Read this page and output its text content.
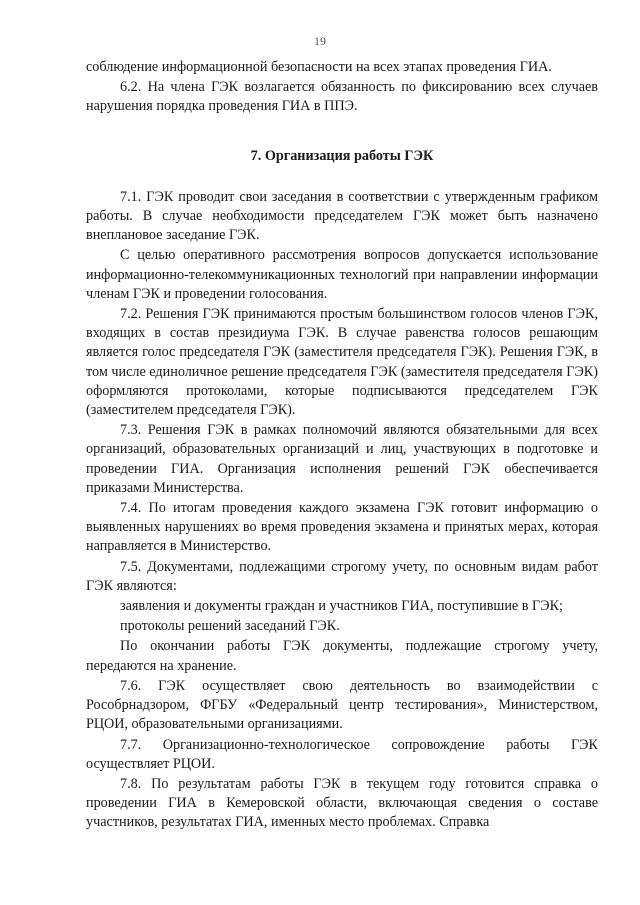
19

соблюдение информационной безопасности на всех этапах проведения ГИА.

6.2. На члена ГЭК возлагается обязанность по фиксированию всех случаев нарушения порядка проведения ГИА в ППЭ.

7. Организация работы ГЭК

7.1. ГЭК проводит свои заседания в соответствии с утвержденным графиком работы. В случае необходимости председателем ГЭК может быть назначено внеплановое заседание ГЭК.

С целью оперативного рассмотрения вопросов допускается использование информационно-телекоммуникационных технологий при направлении информации членам ГЭК и проведении голосования.

7.2. Решения ГЭК принимаются простым большинством голосов членов ГЭК, входящих в состав президиума ГЭК. В случае равенства голосов решающим является голос председателя ГЭК (заместителя председателя ГЭК). Решения ГЭК, в том числе единоличное решение председателя ГЭК (заместителя председателя ГЭК) оформляются протоколами, которые подписываются председателем ГЭК (заместителем председателя ГЭК).

7.3. Решения ГЭК в рамках полномочий являются обязательными для всех организаций, образовательных организаций и лиц, участвующих в подготовке и проведении ГИА. Организация исполнения решений ГЭК обеспечивается приказами Министерства.

7.4. По итогам проведения каждого экзамена ГЭК готовит информацию о выявленных нарушениях во время проведения экзамена и принятых мерах, которая направляется в Министерство.

7.5. Документами, подлежащими строгому учету, по основным видам работ ГЭК являются:

заявления и документы граждан и участников ГИА, поступившие в ГЭК;

протоколы решений заседаний ГЭК.

По окончании работы ГЭК документы, подлежащие строгому учету, передаются на хранение.

7.6. ГЭК осуществляет свою деятельность во взаимодействии с Рособрнадзором, ФГБУ «Федеральный центр тестирования», Министерством, РЦОИ, образовательными организациями.

7.7. Организационно-технологическое сопровождение работы ГЭК осуществляет РЦОИ.

7.8. По результатам работы ГЭК в текущем году готовится справка о проведении ГИА в Кемеровской области, включающая сведения о составе участников, результатах ГИА, именных место проблемах. Справка
